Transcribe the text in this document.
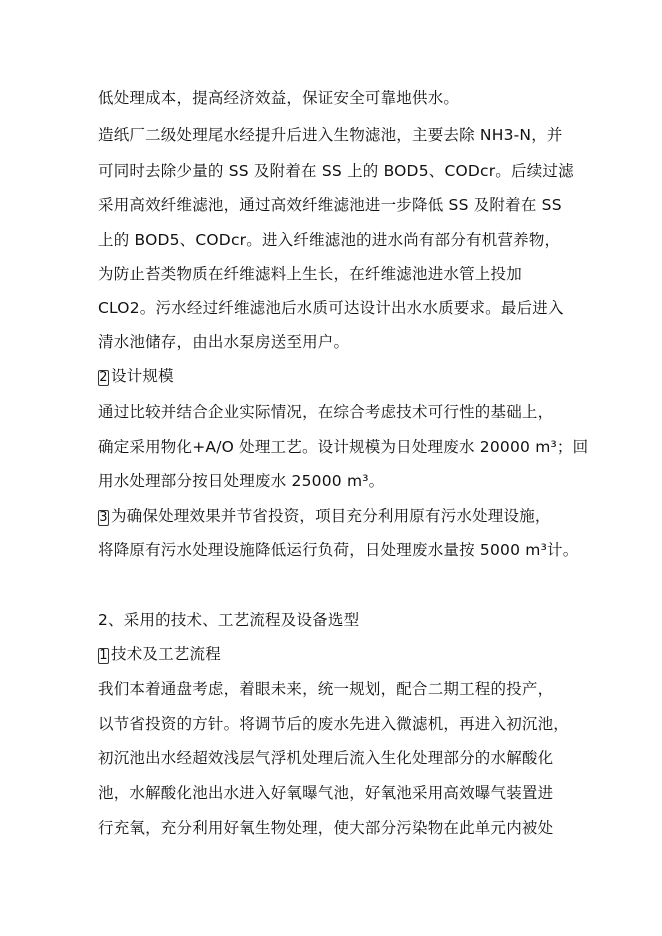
低处理成本，提高经济效益，保证安全可靠地供水。
造纸厂二级处理尾水经提升后进入生物滤池，主要去除 NH3-N，并
可同时去除少量的 SS 及附着在 SS 上的 BOD5、CODcr。后续过滤
采用高效纤维滤池，通过高效纤维滤池进一步降低 SS 及附着在 SS
上的 BOD5、CODcr。进入纤维滤池的进水尚有部分有机营养物，
为防止苔类物质在纤维滤料上生长，在纤维滤池进水管上投加
CLO2。污水经过纤维滤池后水质可达设计出水水质要求。最后进入
清水池储存，由出水泵房送至用户。
2 设计规模
通过比较并结合企业实际情况，在综合考虑技术可行性的基础上，
确定采用物化+A/O 处理工艺。设计规模为日处理废水 20000 m³；回
用水处理部分按日处理废水 25000 m³。
3 为确保处理效果并节省投资，项目充分利用原有污水处理设施，
将降原有污水处理设施降低运行负荷，日处理废水量按 5000 m³计。
2、采用的技术、工艺流程及设备选型
1 技术及工艺流程
我们本着通盘考虑，着眼未来，统一规划，配合二期工程的投产，
以节省投资的方针。将调节后的废水先进入微滤机，再进入初沉池，
初沉池出水经超效浅层气浮机处理后流入生化处理部分的水解酸化
池，水解酸化池出水进入好氧曝气池，好氧池采用高效曝气装置进
行充氧，充分利用好氧生物处理，使大部分污染物在此单元内被处
